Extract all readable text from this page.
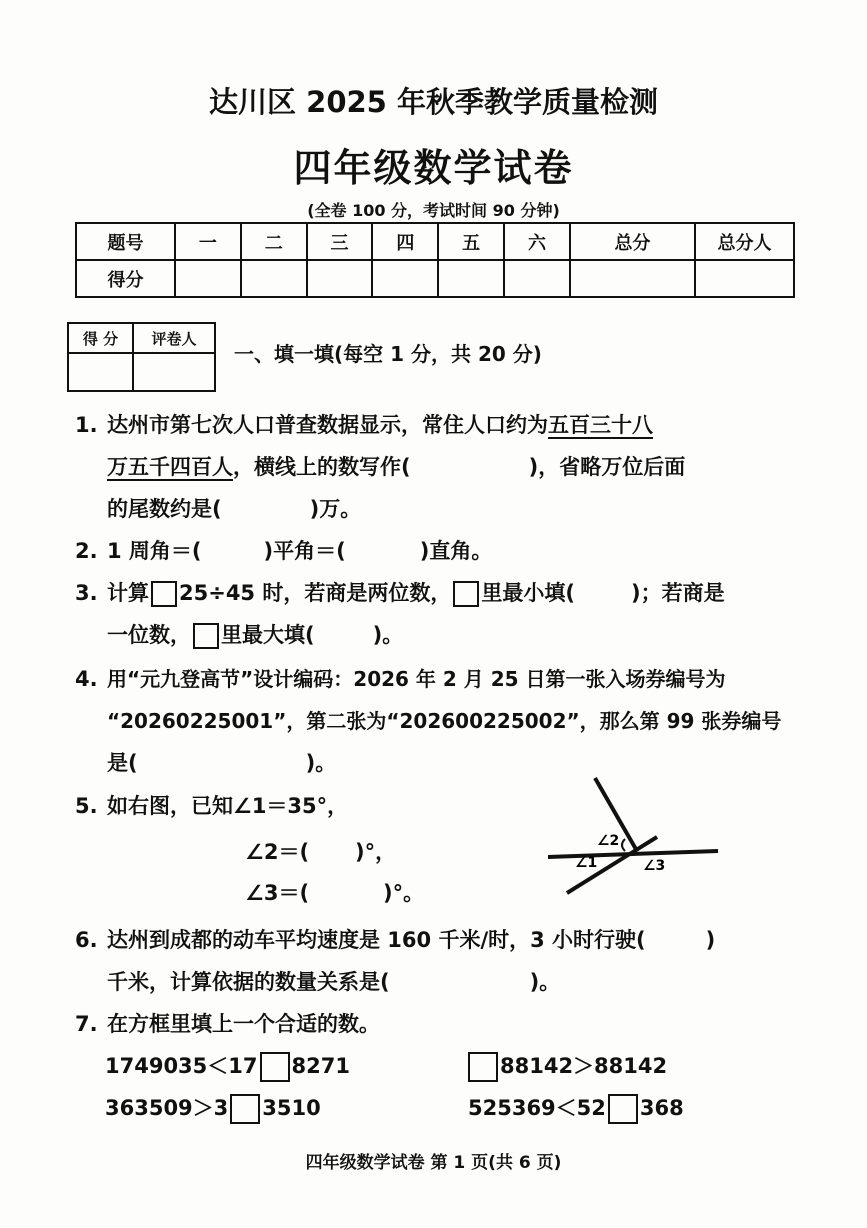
达川区 2025 年秋季教学质量检测
四年级数学试卷
(全卷 100 分，考试时间 90 分钟)
题号	一	二	三	四	五	六	总分	总分人
得分								
得 分	评卷人

一、填一填(每空 1 分，共 20 分)
1. 达州市第七次人口普查数据显示，常住人口约为五百三十八
万五千四百人，横线上的数写作(	)，省略万位后面
的尾数约是(	)万。
2. 1 周角＝(	)平角＝(	)直角。
3. 计算 25÷45 时，若商是两位数， 里最小填(	)；若商是
一位数， 里最大填(	)。
4. 用“元九登高节”设计编码：2026 年 2 月 25 日第一张入场券编号为
“20260225001”，第二张为“202600225002”，那么第 99 张券编号
是(	)。
5. 如右图，已知∠1＝35°，
∠2＝( )°，
∠3＝(	)°。
∠2
∠1	∠3
6. 达州到成都的动车平均速度是 160 千米/时，3 小时行驶(	)
千米，计算依据的数量关系是(	)。
7. 在方框里填上一个合适的数。
1749035＜17 8271	88142＞88142
363509＞3 3510	525369＜52 368
四年级数学试卷 第 1 页(共 6 页)
